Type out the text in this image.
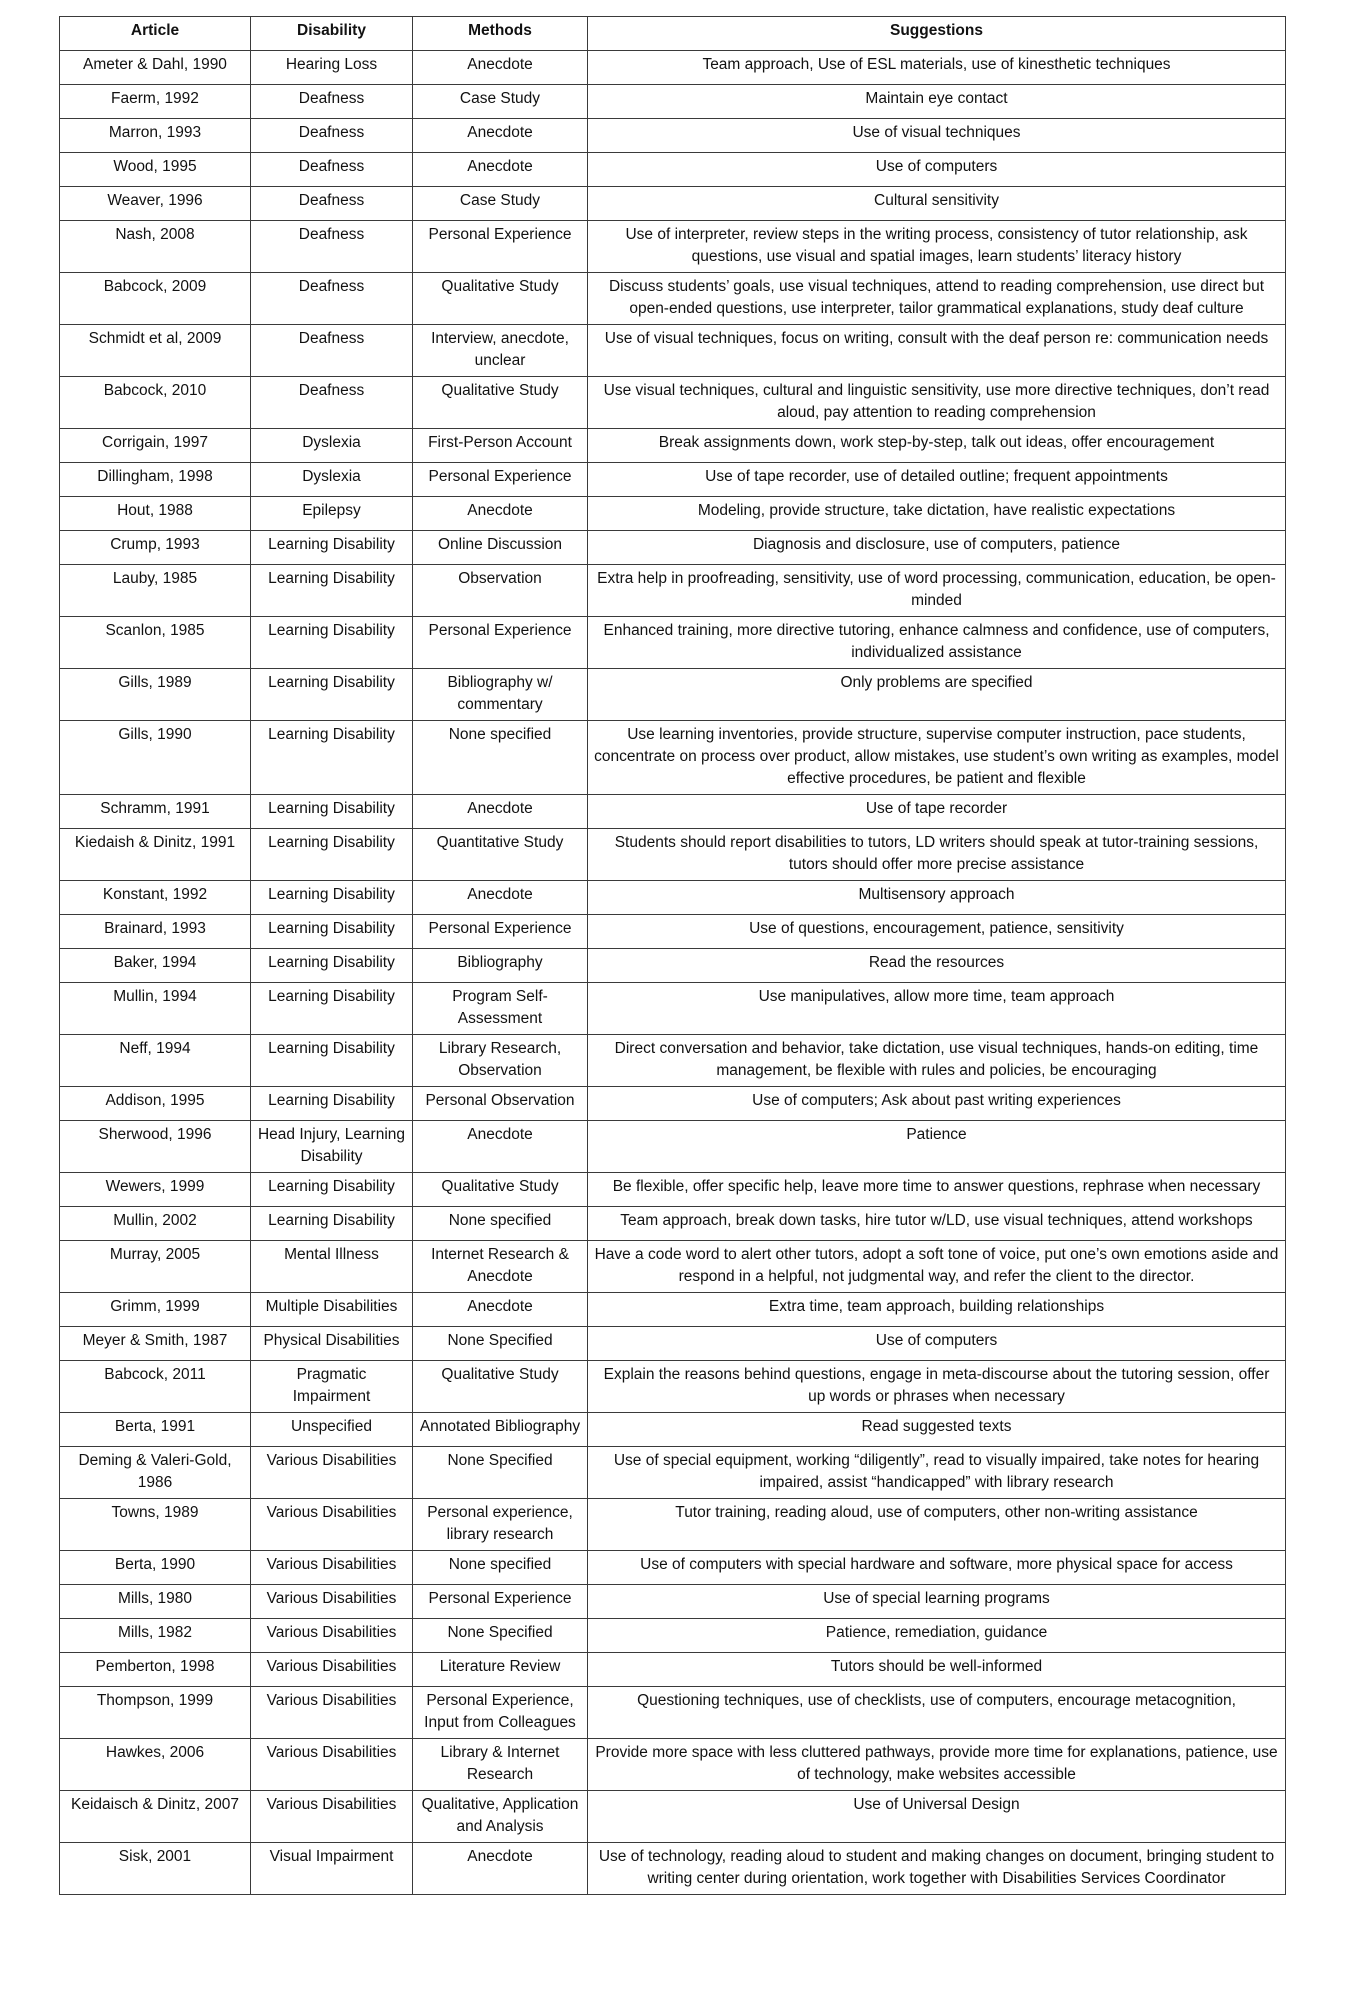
Article	Disability	Methods	Suggestions
Ameter & Dahl, 1990	Hearing Loss	Anecdote	Team approach, Use of ESL materials, use of kinesthetic techniques
Faerm, 1992	Deafness	Case Study	Maintain eye contact
Marron, 1993	Deafness	Anecdote	Use of visual techniques
Wood, 1995	Deafness	Anecdote	Use of computers
Weaver, 1996	Deafness	Case Study	Cultural sensitivity
Nash, 2008	Deafness	Personal Experience	Use of interpreter, review steps in the writing process, consistency of tutor relationship, ask questions, use visual and spatial images, learn students’ literacy history
Babcock, 2009	Deafness	Qualitative Study	Discuss students’ goals, use visual techniques, attend to reading comprehension, use direct but open-ended questions, use interpreter, tailor grammatical explanations, study deaf culture
Schmidt et al, 2009	Deafness	Interview, anecdote, unclear	Use of visual techniques, focus on writing, consult with the deaf person re: communication needs
Babcock, 2010	Deafness	Qualitative Study	Use visual techniques, cultural and linguistic sensitivity, use more directive techniques, don’t read aloud, pay attention to reading comprehension
Corrigain, 1997	Dyslexia	First-Person Account	Break assignments down, work step-by-step, talk out ideas, offer encouragement
Dillingham, 1998	Dyslexia	Personal Experience	Use of tape recorder, use of detailed outline; frequent appointments
Hout, 1988	Epilepsy	Anecdote	Modeling, provide structure, take dictation, have realistic expectations
Crump, 1993	Learning Disability	Online Discussion	Diagnosis and disclosure, use of computers, patience
Lauby, 1985	Learning Disability	Observation	Extra help in proofreading, sensitivity, use of word processing, communication, education, be open-minded
Scanlon, 1985	Learning Disability	Personal Experience	Enhanced training, more directive tutoring, enhance calmness and confidence, use of computers, individualized assistance
Gills, 1989	Learning Disability	Bibliography w/ commentary	Only problems are specified
Gills, 1990	Learning Disability	None specified	Use learning inventories, provide structure, supervise computer instruction, pace students, concentrate on process over product, allow mistakes, use student’s own writing as examples, model effective procedures, be patient and flexible
Schramm, 1991	Learning Disability	Anecdote	Use of tape recorder
Kiedaish & Dinitz, 1991	Learning Disability	Quantitative Study	Students should report disabilities to tutors, LD writers should speak at tutor-training sessions, tutors should offer more precise assistance
Konstant, 1992	Learning Disability	Anecdote	Multisensory approach
Brainard, 1993	Learning Disability	Personal Experience	Use of questions, encouragement, patience, sensitivity
Baker, 1994	Learning Disability	Bibliography	Read the resources
Mullin, 1994	Learning Disability	Program Self-Assessment	Use manipulatives, allow more time, team approach
Neff, 1994	Learning Disability	Library Research, Observation	Direct conversation and behavior, take dictation, use visual techniques, hands-on editing, time management, be flexible with rules and policies, be encouraging
Addison, 1995	Learning Disability	Personal Observation	Use of computers; Ask about past writing experiences
Sherwood, 1996	Head Injury, Learning Disability	Anecdote	Patience
Wewers, 1999	Learning Disability	Qualitative Study	Be flexible, offer specific help, leave more time to answer questions, rephrase when necessary
Mullin, 2002	Learning Disability	None specified	Team approach, break down tasks, hire tutor w/LD, use visual techniques, attend workshops
Murray, 2005	Mental Illness	Internet Research & Anecdote	Have a code word to alert other tutors, adopt a soft tone of voice, put one’s own emotions aside and respond in a helpful, not judgmental way, and refer the client to the director.
Grimm, 1999	Multiple Disabilities	Anecdote	Extra time, team approach, building relationships
Meyer & Smith, 1987	Physical Disabilities	None Specified	Use of computers
Babcock, 2011	Pragmatic Impairment	Qualitative Study	Explain the reasons behind questions, engage in meta-discourse about the tutoring session, offer up words or phrases when necessary
Berta, 1991	Unspecified	Annotated Bibliography	Read suggested texts
Deming & Valeri-Gold, 1986	Various Disabilities	None Specified	Use of special equipment, working “diligently”, read to visually impaired, take notes for hearing impaired, assist “handicapped” with library research
Towns, 1989	Various Disabilities	Personal experience, library research	Tutor training, reading aloud, use of computers, other non-writing assistance
Berta, 1990	Various Disabilities	None specified	Use of computers with special hardware and software, more physical space for access
Mills, 1980	Various Disabilities	Personal Experience	Use of special learning programs
Mills, 1982	Various Disabilities	None Specified	Patience, remediation, guidance
Pemberton, 1998	Various Disabilities	Literature Review	Tutors should be well-informed
Thompson, 1999	Various Disabilities	Personal Experience, Input from Colleagues	Questioning techniques, use of checklists, use of computers, encourage metacognition,
Hawkes, 2006	Various Disabilities	Library & Internet Research	Provide more space with less cluttered pathways, provide more time for explanations, patience, use of technology, make websites accessible
Keidaisch & Dinitz, 2007	Various Disabilities	Qualitative, Application and Analysis	Use of Universal Design
Sisk, 2001	Visual Impairment	Anecdote	Use of technology, reading aloud to student and making changes on document, bringing student to writing center during orientation, work together with Disabilities Services Coordinator
